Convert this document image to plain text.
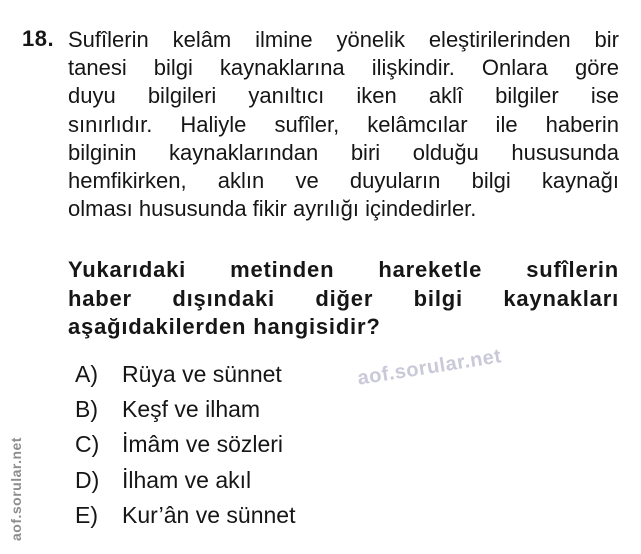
18. Sufîlerin kelâm ilmine yönelik eleştirilerinden bir
tanesi bilgi kaynaklarına ilişkindir. Onlara göre
duyu bilgileri yanıltıcı iken aklî bilgiler ise
sınırlıdır. Haliyle sufîler, kelâmcılar ile haberin
bilginin kaynaklarından biri olduğu hususunda
hemfikirken, aklın ve duyuların bilgi kaynağı
olması hususunda fikir ayrılığı içindedirler.
Yukarıdaki metinden hareketle sufîlerin
haber dışındaki diğer bilgi kaynakları
aşağıdakilerden hangisidir?
A)	Rüya ve sünnet
B)	Keşf ve ilham
C) İmâm ve sözleri
D) İlham ve akıl
E)	Kur’ân ve sünnet
aof.sorular.net
aof.sorular.net
